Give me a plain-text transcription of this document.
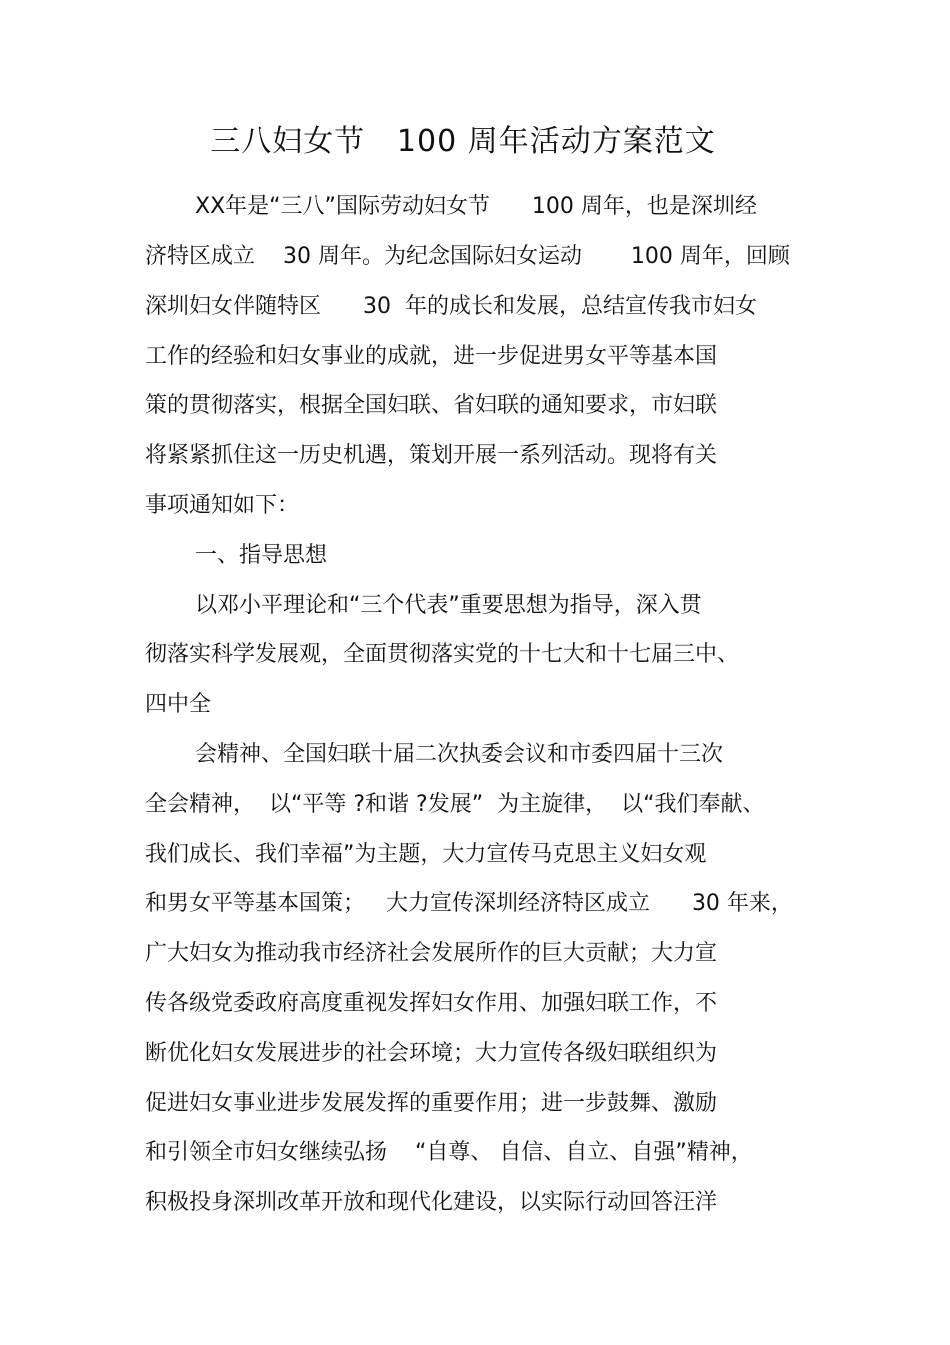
三八妇女节   100 周年活动方案范文
XX年是“三八”国际劳动妇女节      100 周年，也是深圳经
济特区成立    30 周年。为纪念国际妇女运动       100 周年，回顾
深圳妇女伴随特区      30  年的成长和发展，总结宣传我市妇女
工作的经验和妇女事业的成就，进一步促进男女平等基本国
策的贯彻落实，根据全国妇联、省妇联的通知要求，市妇联
将紧紧抓住这一历史机遇，策划开展一系列活动。现将有关
事项通知如下：
一、指导思想
以邓小平理论和“三个代表”重要思想为指导，深入贯
彻落实科学发展观，全面贯彻落实党的十七大和十七届三中、
四中全
会精神、全国妇联十届二次执委会议和市委四届十三次
全会精神，  以“平等 ?和谐 ?发展”  为主旋律，  以“我们奉献、
我们成长、我们幸福”为主题，大力宣传马克思主义妇女观
和男女平等基本国策；   大力宣传深圳经济特区成立      30 年来，
广大妇女为推动我市经济社会发展所作的巨大贡献；大力宣
传各级党委政府高度重视发挥妇女作用、加强妇联工作，不
断优化妇女发展进步的社会环境；大力宣传各级妇联组织为
促进妇女事业进步发展发挥的重要作用；进一步鼓舞、激励
和引领全市妇女继续弘扬    “自尊、 自信、自立、自强”精神，
积极投身深圳改革开放和现代化建设，以实际行动回答汪洋
